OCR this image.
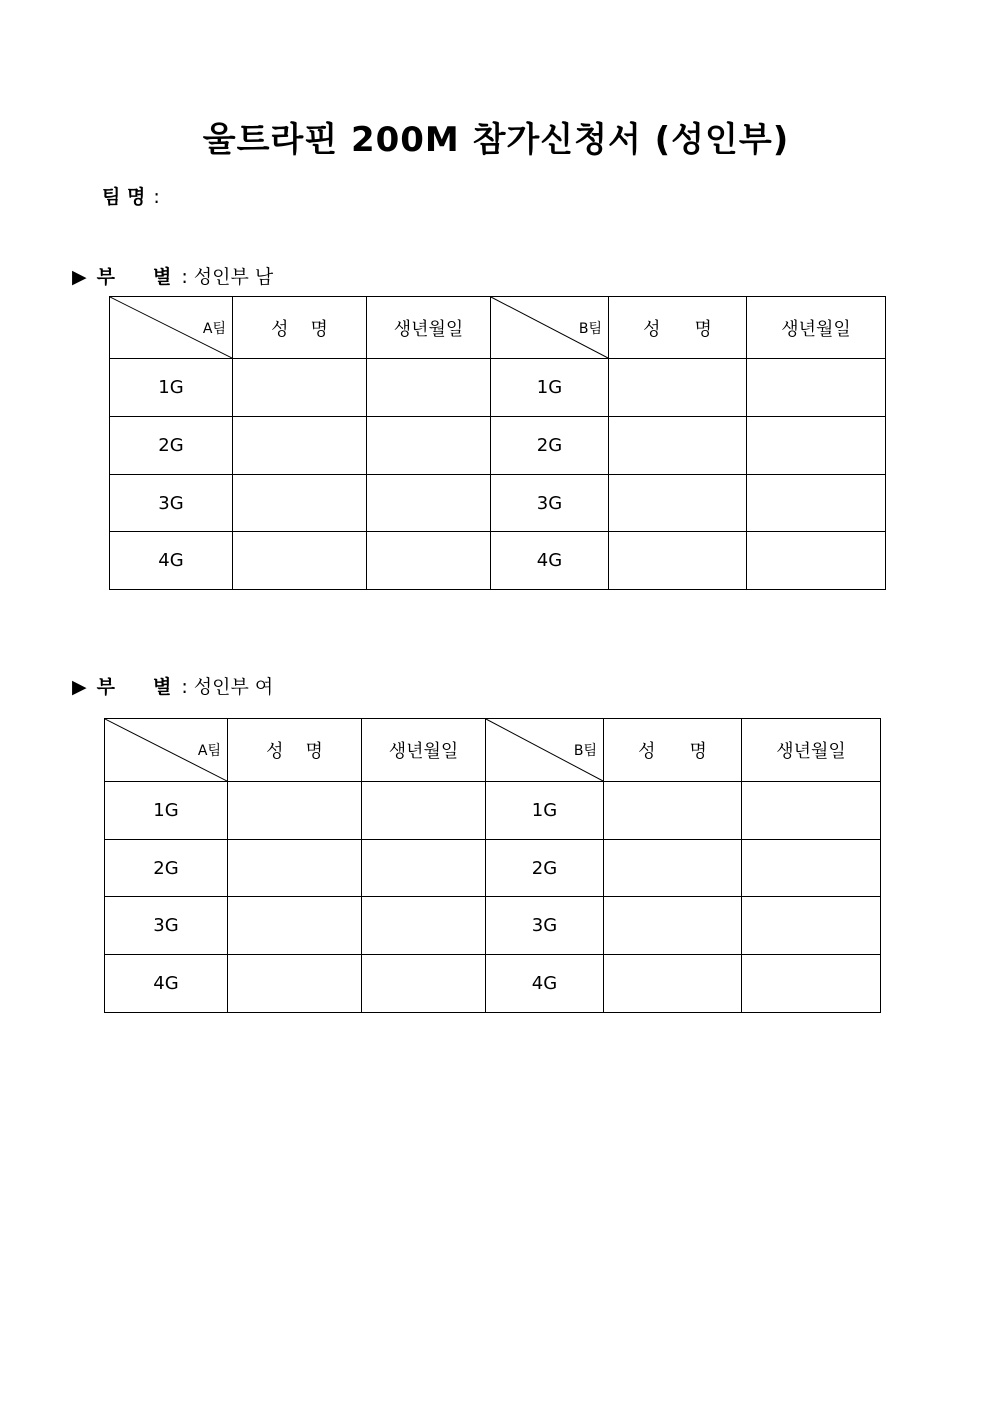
울트라핀 200M 참가신청서 (성인부)
팀 명 :
▶ 부 별 : 성인부 남
A팀	성 명	생년월일	B팀	성 명	생년월일
1G			1G		
2G			2G		
3G			3G		
4G			4G		
▶ 부 별 : 성인부 여
A팀	성 명	생년월일	B팀	성 명	생년월일
1G			1G		
2G			2G		
3G			3G		
4G			4G		
